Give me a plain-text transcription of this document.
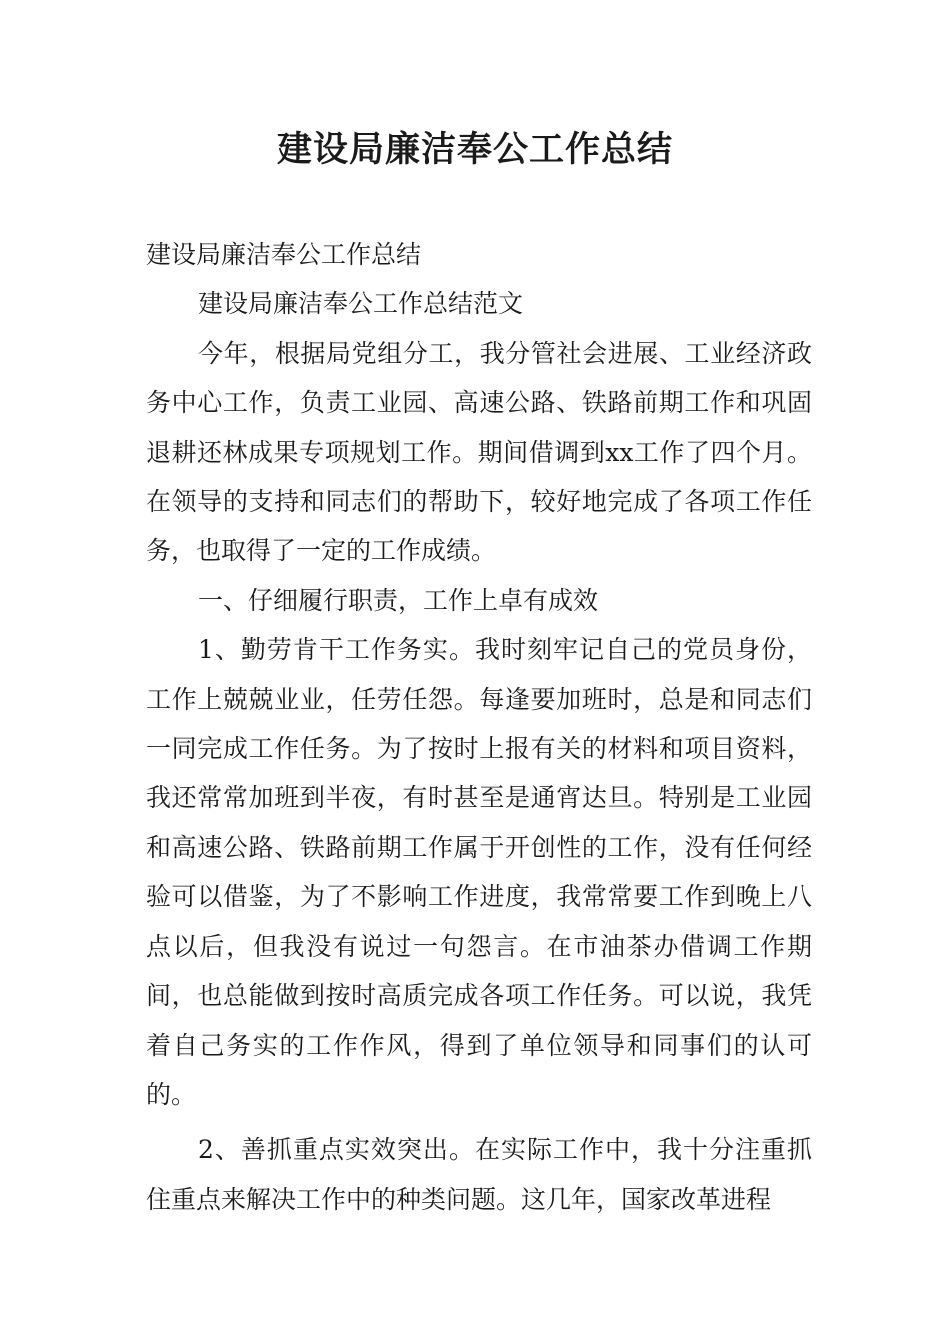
建设局廉洁奉公工作总结

建设局廉洁奉公工作总结

建设局廉洁奉公工作总结范文

今年，根据局党组分工，我分管社会进展、工业经济政务中心工作，负责工业园、高速公路、铁路前期工作和巩固退耕还林成果专项规划工作。期间借调到xx工作了四个月。在领导的支持和同志们的帮助下，较好地完成了各项工作任务，也取得了一定的工作成绩。

一、仔细履行职责，工作上卓有成效

1、勤劳肯干工作务实。我时刻牢记自己的党员身份，工作上兢兢业业，任劳任怨。每逢要加班时，总是和同志们一同完成工作任务。为了按时上报有关的材料和项目资料，我还常常加班到半夜，有时甚至是通宵达旦。特别是工业园和高速公路、铁路前期工作属于开创性的工作，没有任何经验可以借鉴，为了不影响工作进度，我常常要工作到晚上八点以后，但我没有说过一句怨言。在市油茶办借调工作期间，也总能做到按时高质完成各项工作任务。可以说，我凭着自己务实的工作作风，得到了单位领导和同事们的认可的。

2、善抓重点实效突出。在实际工作中，我十分注重抓住重点来解决工作中的种类问题。这几年，国家改革进程
